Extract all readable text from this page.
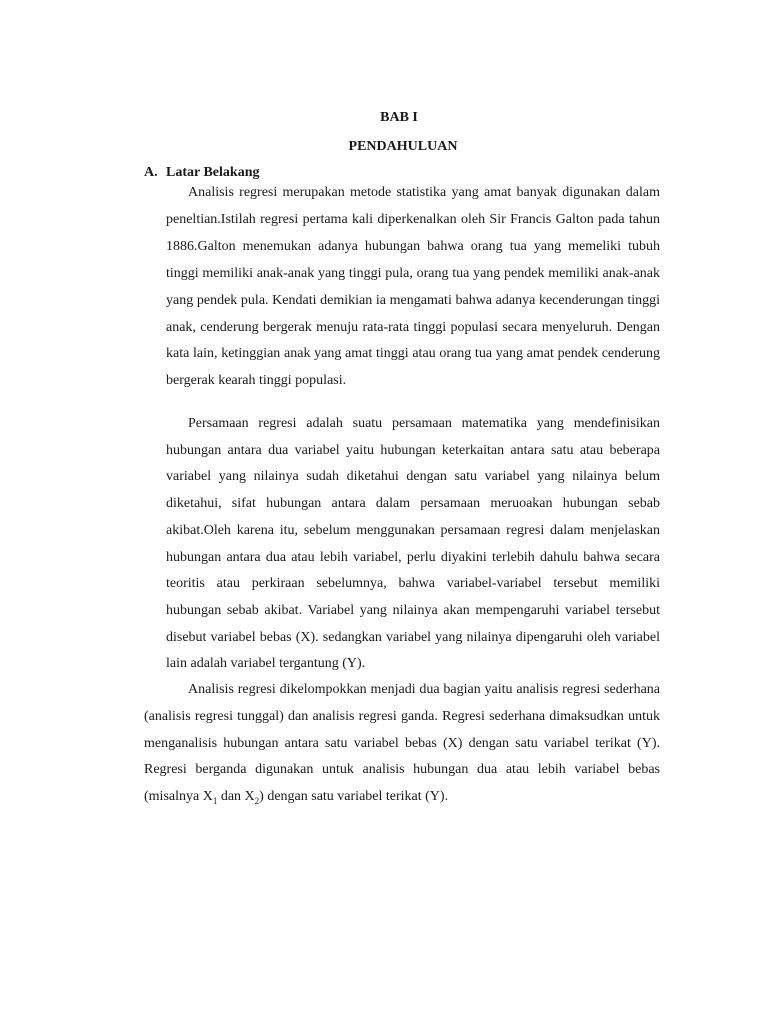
BAB I
PENDAHULUAN
A. Latar Belakang

Analisis regresi merupakan metode statistika yang amat banyak digunakan dalam peneltian.Istilah regresi pertama kali diperkenalkan oleh Sir Francis Galton pada tahun 1886.Galton menemukan adanya hubungan bahwa orang tua yang memeliki tubuh tinggi memiliki anak-anak yang tinggi pula, orang tua yang pendek memiliki anak-anak yang pendek pula. Kendati demikian ia mengamati bahwa adanya kecenderungan tinggi anak, cenderung bergerak menuju rata-rata tinggi populasi secara menyeluruh. Dengan kata lain, ketinggian anak yang amat tinggi atau orang tua yang amat pendek cenderung bergerak kearah tinggi populasi.

Persamaan regresi adalah suatu persamaan matematika yang mendefinisikan hubungan antara dua variabel yaitu hubungan keterkaitan antara satu atau beberapa variabel yang nilainya sudah diketahui dengan satu variabel yang nilainya belum diketahui, sifat hubungan antara dalam persamaan meruoakan hubungan sebab akibat.Oleh karena itu, sebelum menggunakan persamaan regresi dalam menjelaskan hubungan antara dua atau lebih variabel, perlu diyakini terlebih dahulu bahwa secara teoritis atau perkiraan sebelumnya, bahwa variabel-variabel tersebut memiliki hubungan sebab akibat. Variabel yang nilainya akan mempengaruhi variabel tersebut disebut variabel bebas (X). sedangkan variabel yang nilainya dipengaruhi oleh variabel lain adalah variabel tergantung (Y).

Analisis regresi dikelompokkan menjadi dua bagian yaitu analisis regresi sederhana (analisis regresi tunggal) dan analisis regresi ganda. Regresi sederhana dimaksudkan untuk menganalisis hubungan antara satu variabel bebas (X) dengan satu variabel terikat (Y). Regresi berganda digunakan untuk analisis hubungan dua atau lebih variabel bebas (misalnya $X_1$ dan $X_2$) dengan satu variabel terikat (Y).
